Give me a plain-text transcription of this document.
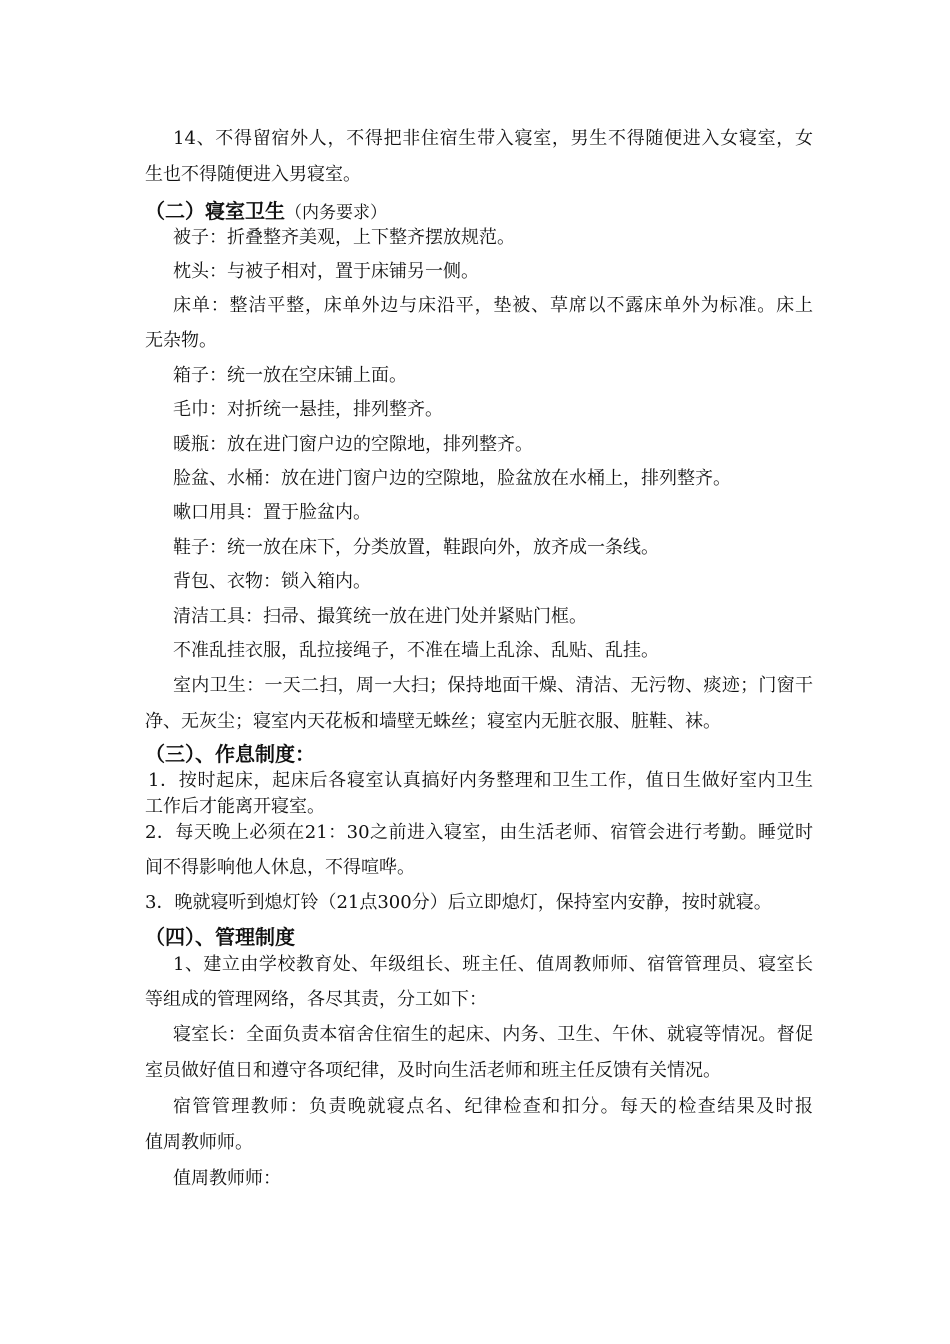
14、不得留宿外人，不得把非住宿生带入寝室，男生不得随便进入女寝室，女
生也不得随便进入男寝室。
（二）寝室卫生（内务要求）
被子：折叠整齐美观，上下整齐摆放规范。
枕头：与被子相对，置于床铺另一侧。
床单：整洁平整，床单外边与床沿平，垫被、草席以不露床单外为标准。床上
无杂物。
箱子：统一放在空床铺上面。
毛巾：对折统一悬挂，排列整齐。
暖瓶：放在进门窗户边的空隙地，排列整齐。
脸盆、水桶：放在进门窗户边的空隙地，脸盆放在水桶上，排列整齐。
嗽口用具：置于脸盆内。
鞋子：统一放在床下，分类放置，鞋跟向外，放齐成一条线。
背包、衣物：锁入箱内。
清洁工具：扫帚、撮箕统一放在进门处并紧贴门框。
不准乱挂衣服，乱拉接绳子，不准在墙上乱涂、乱贴、乱挂。
室内卫生：一天二扫，周一大扫；保持地面干燥、清洁、无污物、痰迹；门窗干
净、无灰尘；寝室内天花板和墙壁无蛛丝；寝室内无脏衣服、脏鞋、袜。
（三）、作息制度：
1．按时起床，起床后各寝室认真搞好内务整理和卫生工作，值日生做好室内卫生
工作后才能离开寝室。
2．每天晚上必须在21：30之前进入寝室，由生活老师、宿管会进行考勤。睡觉时
间不得影响他人休息，不得喧哗。
3．晚就寝听到熄灯铃（21点300分）后立即熄灯，保持室内安静，按时就寝。
（四）、管理制度
1、建立由学校教育处、年级组长、班主任、值周教师师、宿管管理员、寝室长
等组成的管理网络，各尽其责，分工如下：
寝室长：全面负责本宿舍住宿生的起床、内务、卫生、午休、就寝等情况。督促
室员做好值日和遵守各项纪律，及时向生活老师和班主任反馈有关情况。
宿管管理教师：负责晚就寝点名、纪律检查和扣分。每天的检查结果及时报
值周教师师。
值周教师师：
